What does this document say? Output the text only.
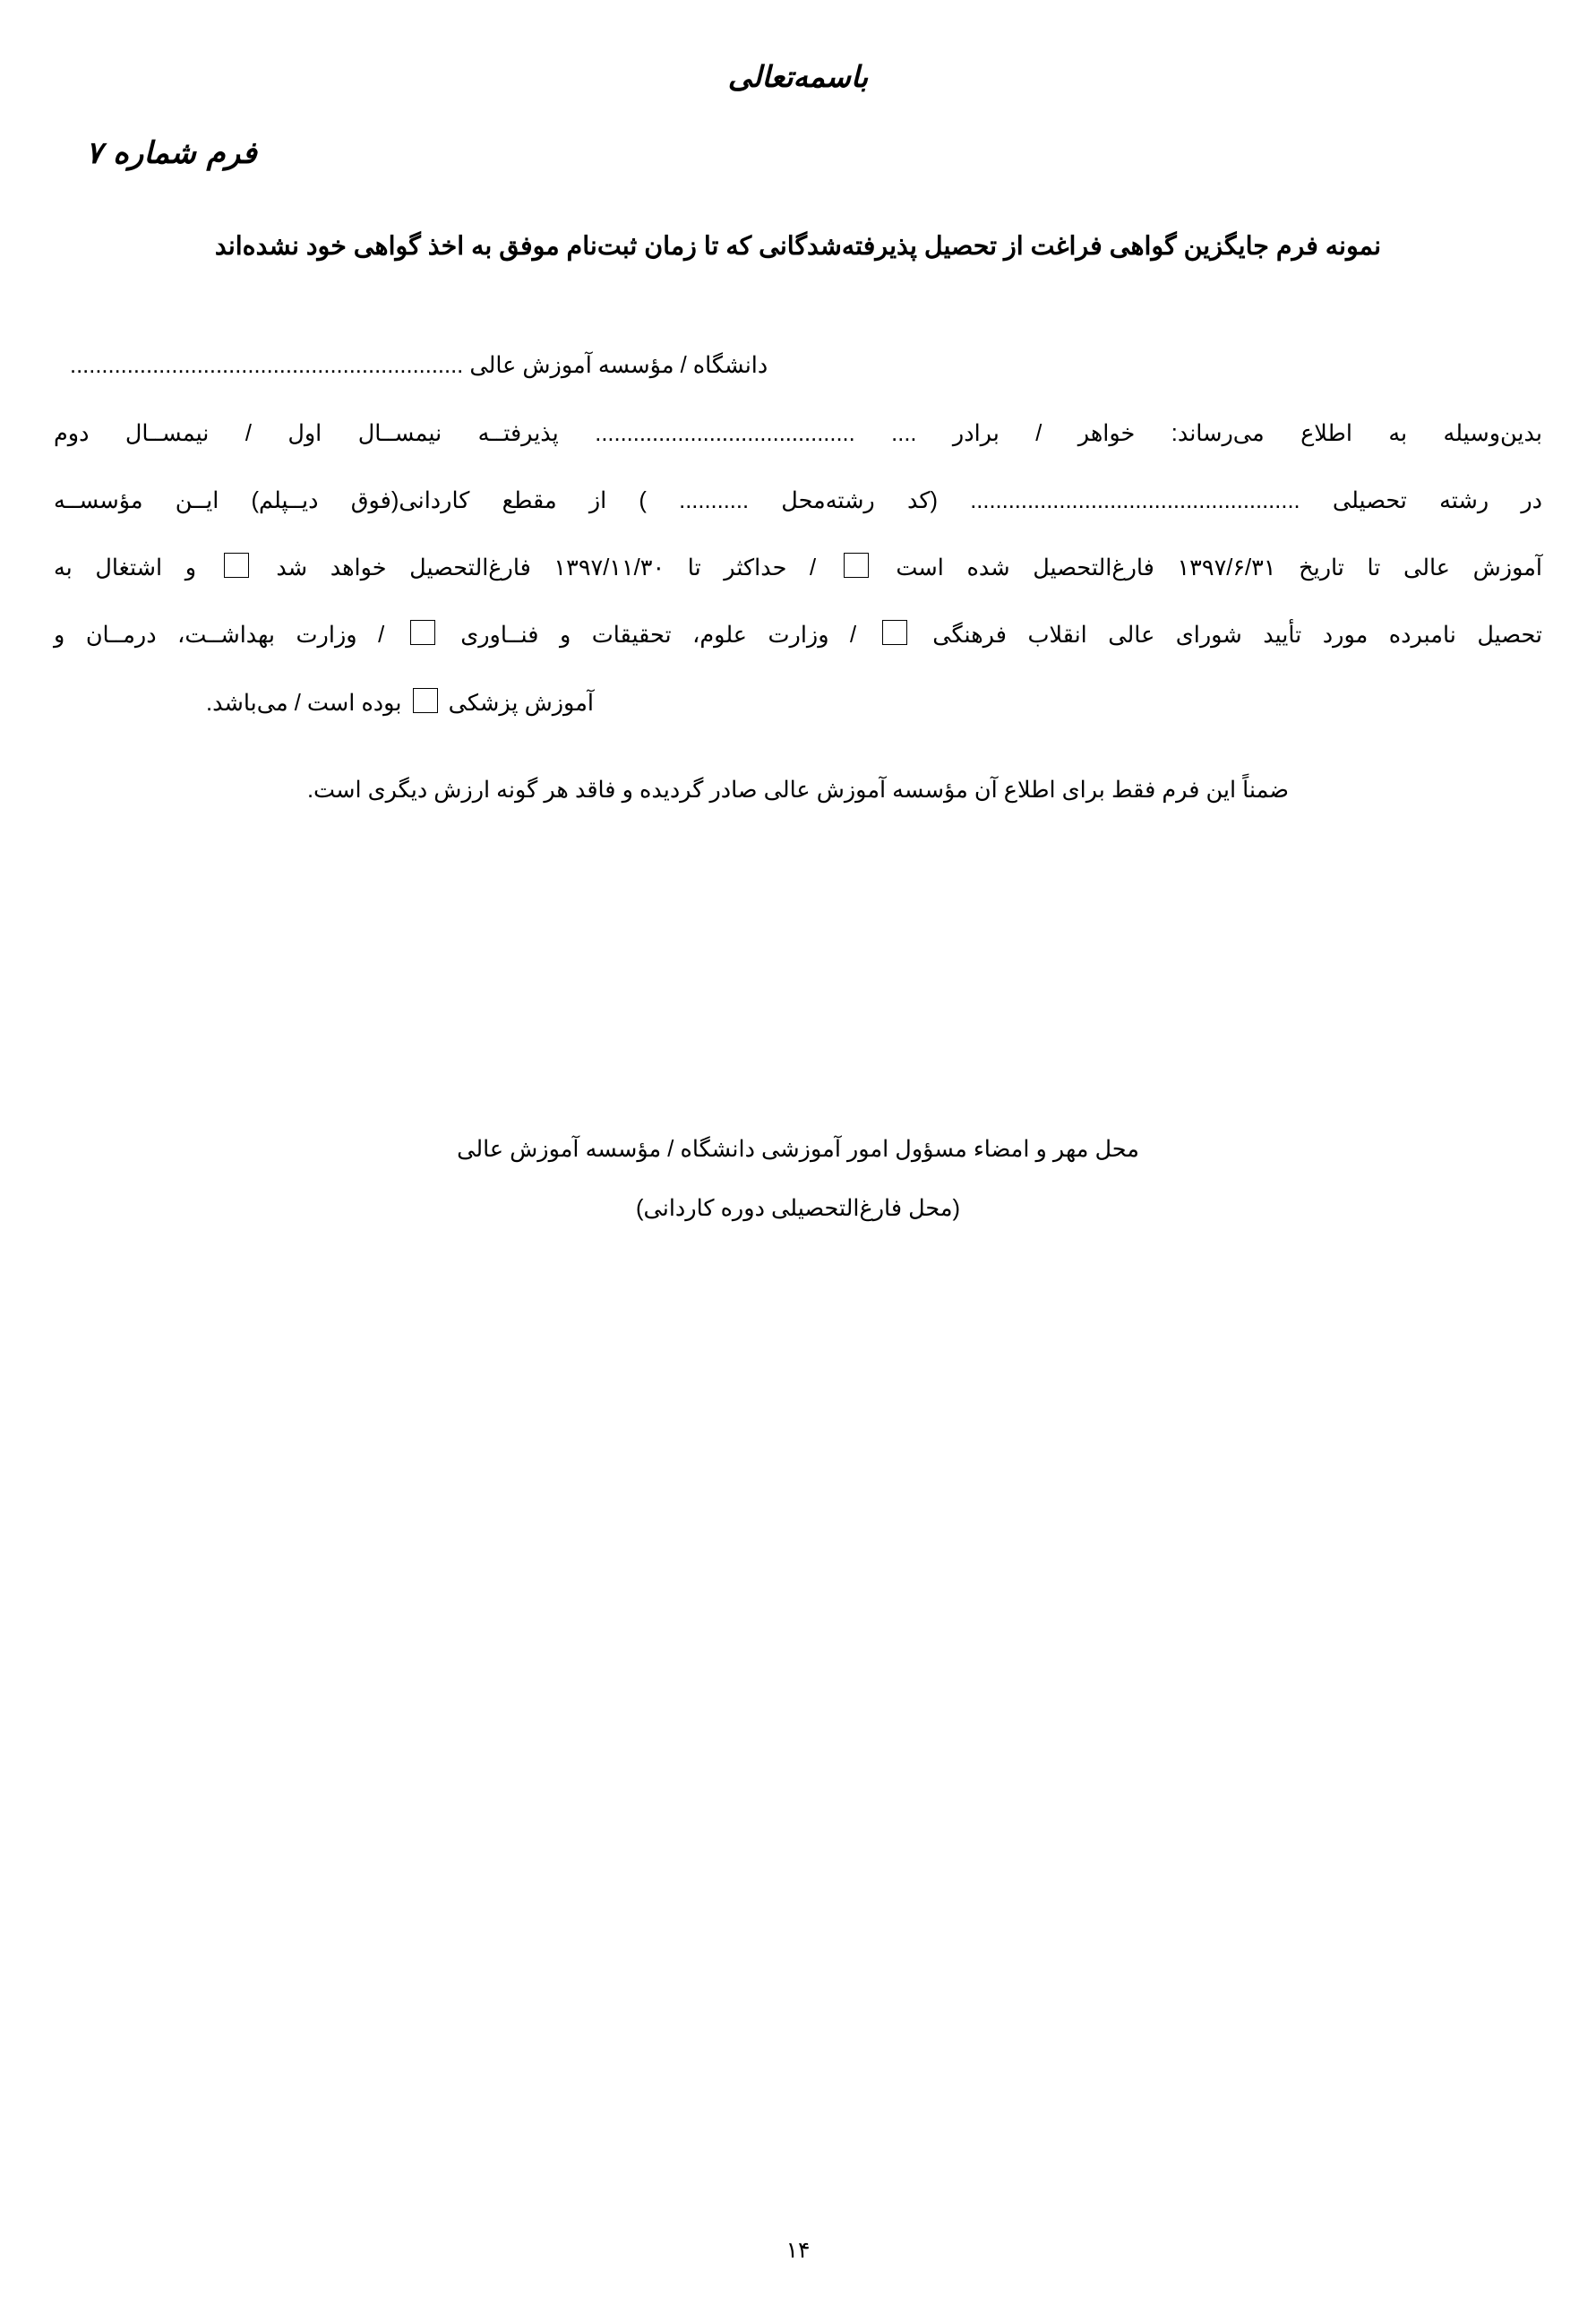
باسمه‌تعالی
فرم شماره ۷
نمونه فرم جایگزین گواهی فراغت از تحصیل پذیرفته‌شدگانی که تا زمان ثبت‌نام موفق به اخذ گواهی خود نشده‌اند
دانشگاه / مؤسسه آموزش عالی ..............................................................
بدین‌وسیله به اطلاع می‌رساند: خواهر / برادر .... ......................................... پذیرفتــه نیمســال اول / نیمســال دوم
در رشته تحصیلی .................................................... (کد رشته‌محل ........... ) از مقطع کاردانی(فوق دیــپلم) ایــن مؤسســه
آموزش عالی تا تاریخ ۱۳۹۷/۶/۳۱ فارغ‌التحصیل شده است  / حداکثر تا ۱۳۹۷/۱۱/۳۰ فارغ‌التحصیل خواهد شد  و اشتغال به
تحصیل نامبرده مورد تأیید شورای عالی انقلاب فرهنگی  / وزارت علوم، تحقیقات و فنــاوری  / وزارت بهداشــت، درمــان و
آموزش پزشکی  بوده است / می‌باشد.
ضمناً این فرم فقط برای اطلاع آن مؤسسه آموزش عالی صادر گردیده و فاقد هر گونه ارزش دیگری است.
محل مهر و امضاء مسؤول امور آموزشی دانشگاه / مؤسسه آموزش عالی
(محل فارغ‌التحصیلی دوره کاردانی)
۱۴
